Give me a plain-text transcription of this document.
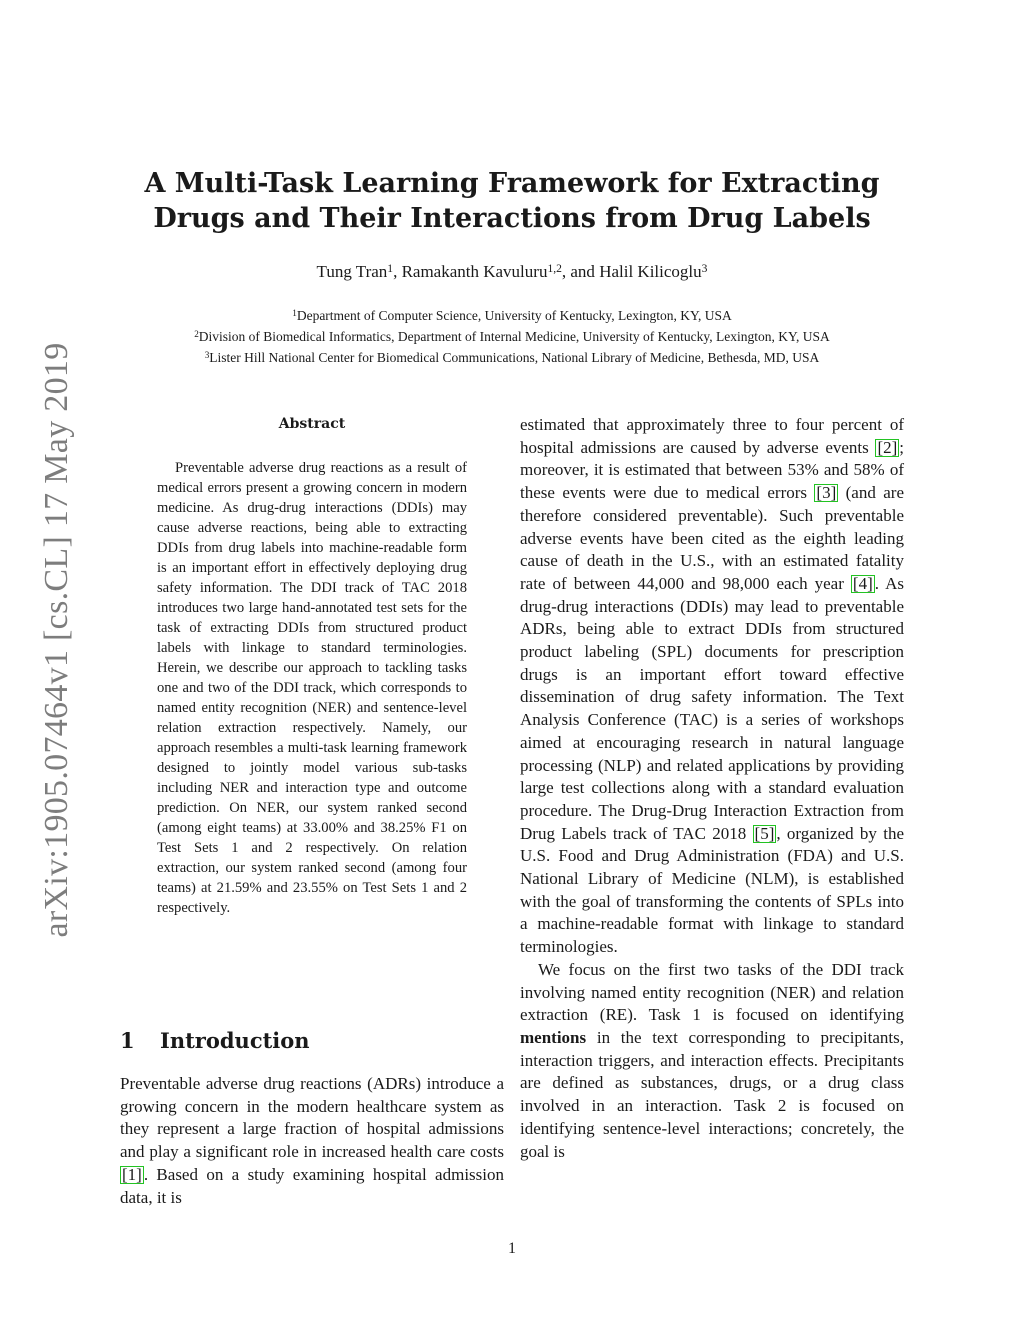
arXiv:1905.07464v1 [cs.CL] 17 May 2019
A Multi-Task Learning Framework for Extracting
Drugs and Their Interactions from Drug Labels
Tung Tran$^1$, Ramakanth Kavuluru$^{1,2}$, and Halil Kilicoglu$^3$
$^1$Department of Computer Science, University of Kentucky, Lexington, KY, USA
$^2$Division of Biomedical Informatics, Department of Internal Medicine, University of Kentucky, Lexington, KY, USA
$^3$Lister Hill National Center for Biomedical Communications, National Library of Medicine, Bethesda, MD, USA
Abstract

Preventable adverse drug reactions as a result of medical errors present a growing concern in modern medicine. As drug-drug interactions (DDIs) may cause adverse reactions, being able to extracting DDIs from drug labels into machine-readable form is an important effort in effectively deploying drug safety information. The DDI track of TAC 2018 introduces two large hand-annotated test sets for the task of extracting DDIs from structured product labels with linkage to standard terminologies. Herein, we describe our approach to tackling tasks one and two of the DDI track, which corresponds to named entity recognition (NER) and sentence-level relation extraction respectively. Namely, our approach resembles a multi-task learning framework designed to jointly model various sub-tasks including NER and interaction type and outcome prediction. On NER, our system ranked second (among eight teams) at 33.00% and 38.25% F1 on Test Sets 1 and 2 respectively. On relation extraction, our system ranked second (among four teams) at 21.59% and 23.55% on Test Sets 1 and 2 respectively.

1 Introduction

Preventable adverse drug reactions (ADRs) introduce a growing concern in the modern healthcare system as they represent a large fraction of hospital admissions and play a significant role in increased health care costs [1] . Based on a study examining hospital admission data, it is

estimated that approximately three to four percent of hospital admissions are caused by adverse events [2] ; moreover, it is estimated that between 53% and 58% of these events were due to medical errors [3] (and are therefore considered preventable). Such preventable adverse events have been cited as the eighth leading cause of death in the U.S., with an estimated fatality rate of between 44,000 and 98,000 each year [4] . As drug-drug interactions (DDIs) may lead to preventable ADRs, being able to extract DDIs from structured product labeling (SPL) documents for prescription drugs is an important effort toward effective dissemination of drug safety information. The Text Analysis Conference (TAC) is a series of workshops aimed at encouraging research in natural language processing (NLP) and related applications by providing large test collections along with a standard evaluation procedure. The Drug-Drug Interaction Extraction from Drug Labels track of TAC 2018 [5] , organized by the U.S. Food and Drug Administration (FDA) and U.S. National Library of Medicine (NLM), is established with the goal of transforming the contents of SPLs into a machine-readable format with linkage to standard terminologies.

We focus on the first two tasks of the DDI track involving named entity recognition (NER) and relation extraction (RE). Task 1 is focused on identifying mentions in the text corresponding to precipitants, interaction triggers, and interaction effects. Precipitants are defined as substances, drugs, or a drug class involved in an interaction. Task 2 is focused on identifying sentence-level interactions; concretely, the goal is

1
